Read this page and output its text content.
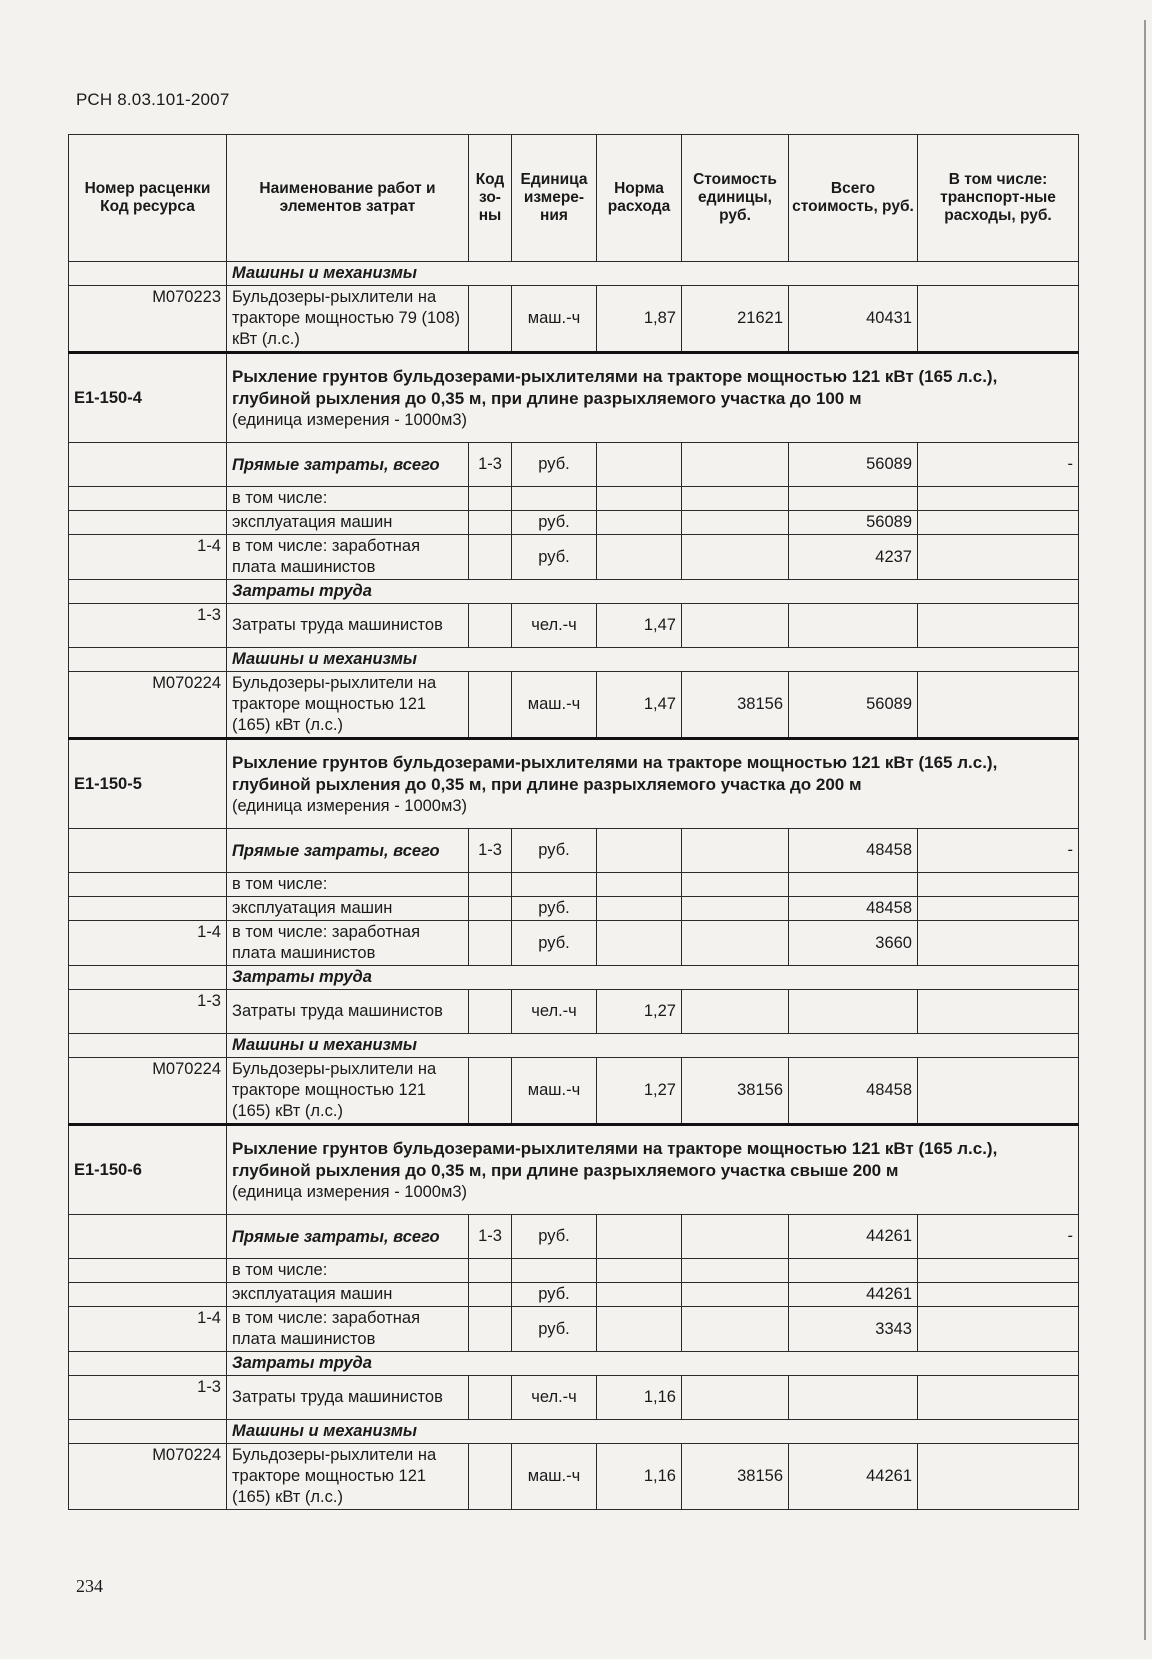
РСН 8.03.101-2007
Номер расценки Код ресурса	Наименование работ и элементов затрат	Код зо-ны	Единица измере-ния	Норма расхода	Стоимость единицы, руб.	Всего стоимость, руб.	В том числе: транспорт-ные расходы, руб.
	Машины и механизмы						
М070223	Бульдозеры-рыхлители на тракторе мощностью 79 (108) кВт (л.с.)		маш.-ч	1,87	21621	40431	
Е1-150-4	Рыхление грунтов бульдозерами-рыхлителями на тракторе мощностью 121 кВт (165 л.с.), глубиной рыхления до 0,35 м, при длине разрыхляемого участка до 100 м
(единица измерения - 1000м3)						

	Прямые затраты, всего	1-3	руб.			56089	-
	в том числе:						
	эксплуатация машин		руб.			56089	
1-4	в том числе: заработная плата машинистов		руб.			4237	
	Затраты труда						
1-3	Затраты труда машинистов		чел.-ч	1,47			
	Машины и механизмы						
М070224	Бульдозеры-рыхлители на тракторе мощностью 121 (165) кВт (л.с.)		маш.-ч	1,47	38156	56089	
Е1-150-5	Рыхление грунтов бульдозерами-рыхлителями на тракторе мощностью 121 кВт (165 л.с.), глубиной рыхления до 0,35 м, при длине разрыхляемого участка до 200 м
(единица измерения - 1000м3)						

	Прямые затраты, всего	1-3	руб.			48458	-
	в том числе:						
	эксплуатация машин		руб.			48458	
1-4	в том числе: заработная плата машинистов		руб.			3660	
	Затраты труда						
1-3	Затраты труда машинистов		чел.-ч	1,27			
	Машины и механизмы						
М070224	Бульдозеры-рыхлители на тракторе мощностью 121 (165) кВт (л.с.)		маш.-ч	1,27	38156	48458	
Е1-150-6	Рыхление грунтов бульдозерами-рыхлителями на тракторе мощностью 121 кВт (165 л.с.), глубиной рыхления до 0,35 м, при длине разрыхляемого участка свыше 200 м
(единица измерения - 1000м3)						

	Прямые затраты, всего	1-3	руб.			44261	-
	в том числе:						
	эксплуатация машин		руб.			44261	
1-4	в том числе: заработная плата машинистов		руб.			3343	
	Затраты труда						
1-3	Затраты труда машинистов		чел.-ч	1,16			
	Машины и механизмы						
М070224	Бульдозеры-рыхлители на тракторе мощностью 121 (165) кВт (л.с.)		маш.-ч	1,16	38156	44261	
234
